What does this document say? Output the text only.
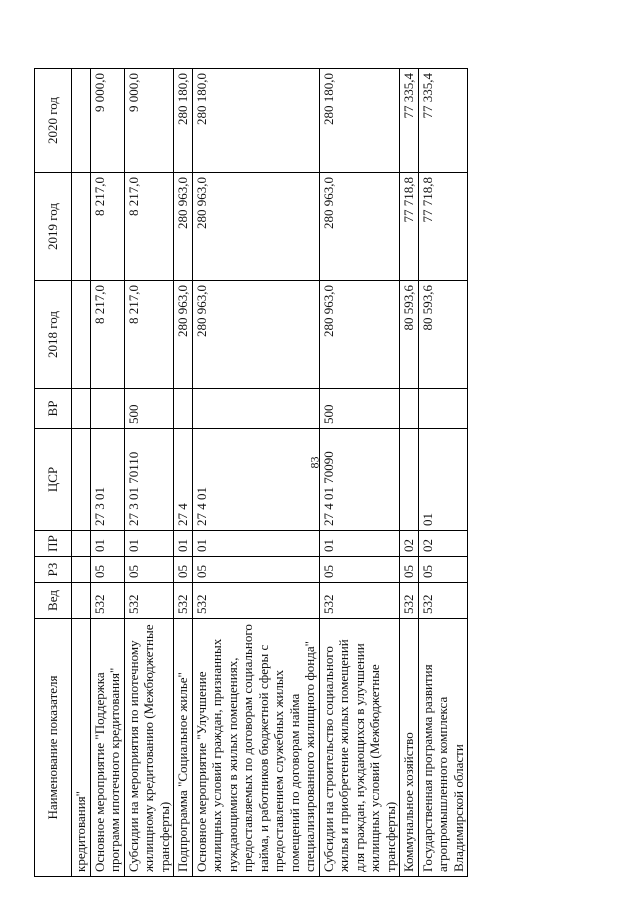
83
Наименование показателя	Вед	РЗ	ПР	ЦСР	ВР	2018 год	2019 год	2020 год
кредитования"								
Основное мероприятие "Поддержка программ ипотечного кредитования"	532	05	01	27 3 01		8 217,0	8 217,0	9 000,0
Субсидии на мероприятия по ипотечному жилищному кредитованию (Межбюджетные трансферты)	532	05	01	27 3 01 70110	500	8 217,0	8 217,0	9 000,0
Подпрограмма "Социальное жилье"	532	05	01	27 4		280 963,0	280 963,0	280 180,0
Основное мероприятие "Улучшение жилищных условий граждан, признанных нуждающимися в жилых помещениях, предоставляемых по договорам социального найма, и работников бюджетной сферы с предоставлением служебных жилых помещений по договорам найма специализированного жилищного фонда"	532	05	01	27 4 01		280 963,0	280 963,0	280 180,0
Субсидии на строительство социального жилья и приобретение жилых помещений для граждан, нуждающихся в улучшении жилищных условий (Межбюджетные трансферты)	532	05	01	27 4 01 70090	500	280 963,0	280 963,0	280 180,0
Коммунальное хозяйство	532	05	02			80 593,6	77 718,8	77 335,4
Государственная программа развития агропромышленного комплекса Владимирской области	532	05	02	01		80 593,6	77 718,8	77 335,4
